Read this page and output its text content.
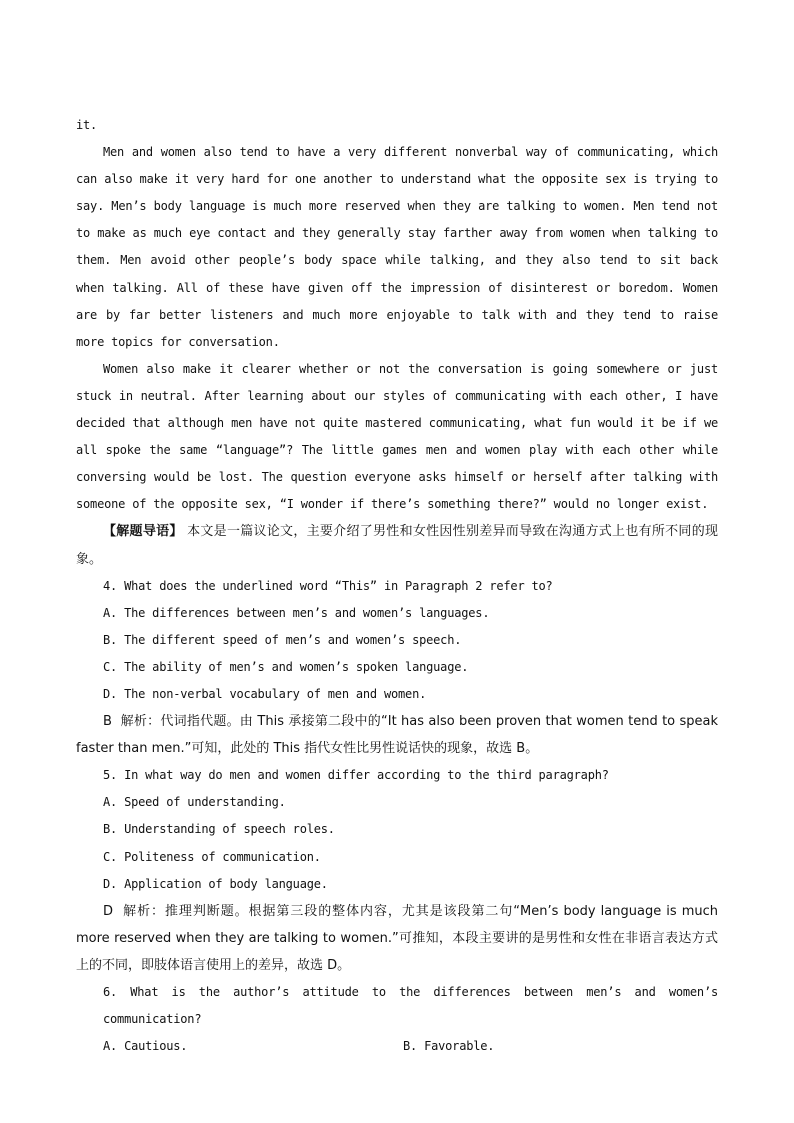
it.

Men and women also tend to have a very different nonverbal way of communicating, which can also make it very hard for one another to understand what the opposite sex is trying to say. Men’s body language is much more reserved when they are talking to women. Men tend not to make as much eye contact and they generally stay farther away from women when talking to them. Men avoid other people’s body space while talking, and they also tend to sit back when talking. All of these have given off the impression of disinterest or boredom. Women are by far better listeners and much more enjoyable to talk with and they tend to raise more topics for conversation.

Women also make it clearer whether or not the conversation is going somewhere or just stuck in neutral. After learning about our styles of communicating with each other, I have decided that although men have not quite mastered communicating, what fun would it be if we all spoke the same “language”? The little games men and women play with each other while conversing would be lost. The question everyone asks himself or herself after talking with someone of the opposite sex, “I wonder if there’s something there?” would no longer exist.

【解题导语】 本文是一篇议论文，主要介绍了男性和女性因性别差异而导致在沟通方式上也有所不同的现象。

4. What does the underlined word “This” in Paragraph 2 refer to?

A. The differences between men’s and women’s languages.

B. The different speed of men’s and women’s speech.

C. The ability of men’s and women’s spoken language.

D. The non-verbal vocabulary of men and women.

B 解析：代词指代题。由 This 承接第二段中的“It has also been proven that women tend to speak faster than men.”可知，此处的 This 指代女性比男性说话快的现象，故选 B。

5. In what way do men and women differ according to the third paragraph?

A. Speed of understanding.

B. Understanding of speech roles.

C. Politeness of communication.

D. Application of body language.

D 解析：推理判断题。根据第三段的整体内容，尤其是该段第二句“Men’s body language is much more reserved when they are talking to women.”可推知，本段主要讲的是男性和女性在非语言表达方式上的不同，即肢体语言使用上的差异，故选 D。

6. What is the author’s attitude to the differences between men’s and women’s communication?

A. Cautious.	B. Favorable.
